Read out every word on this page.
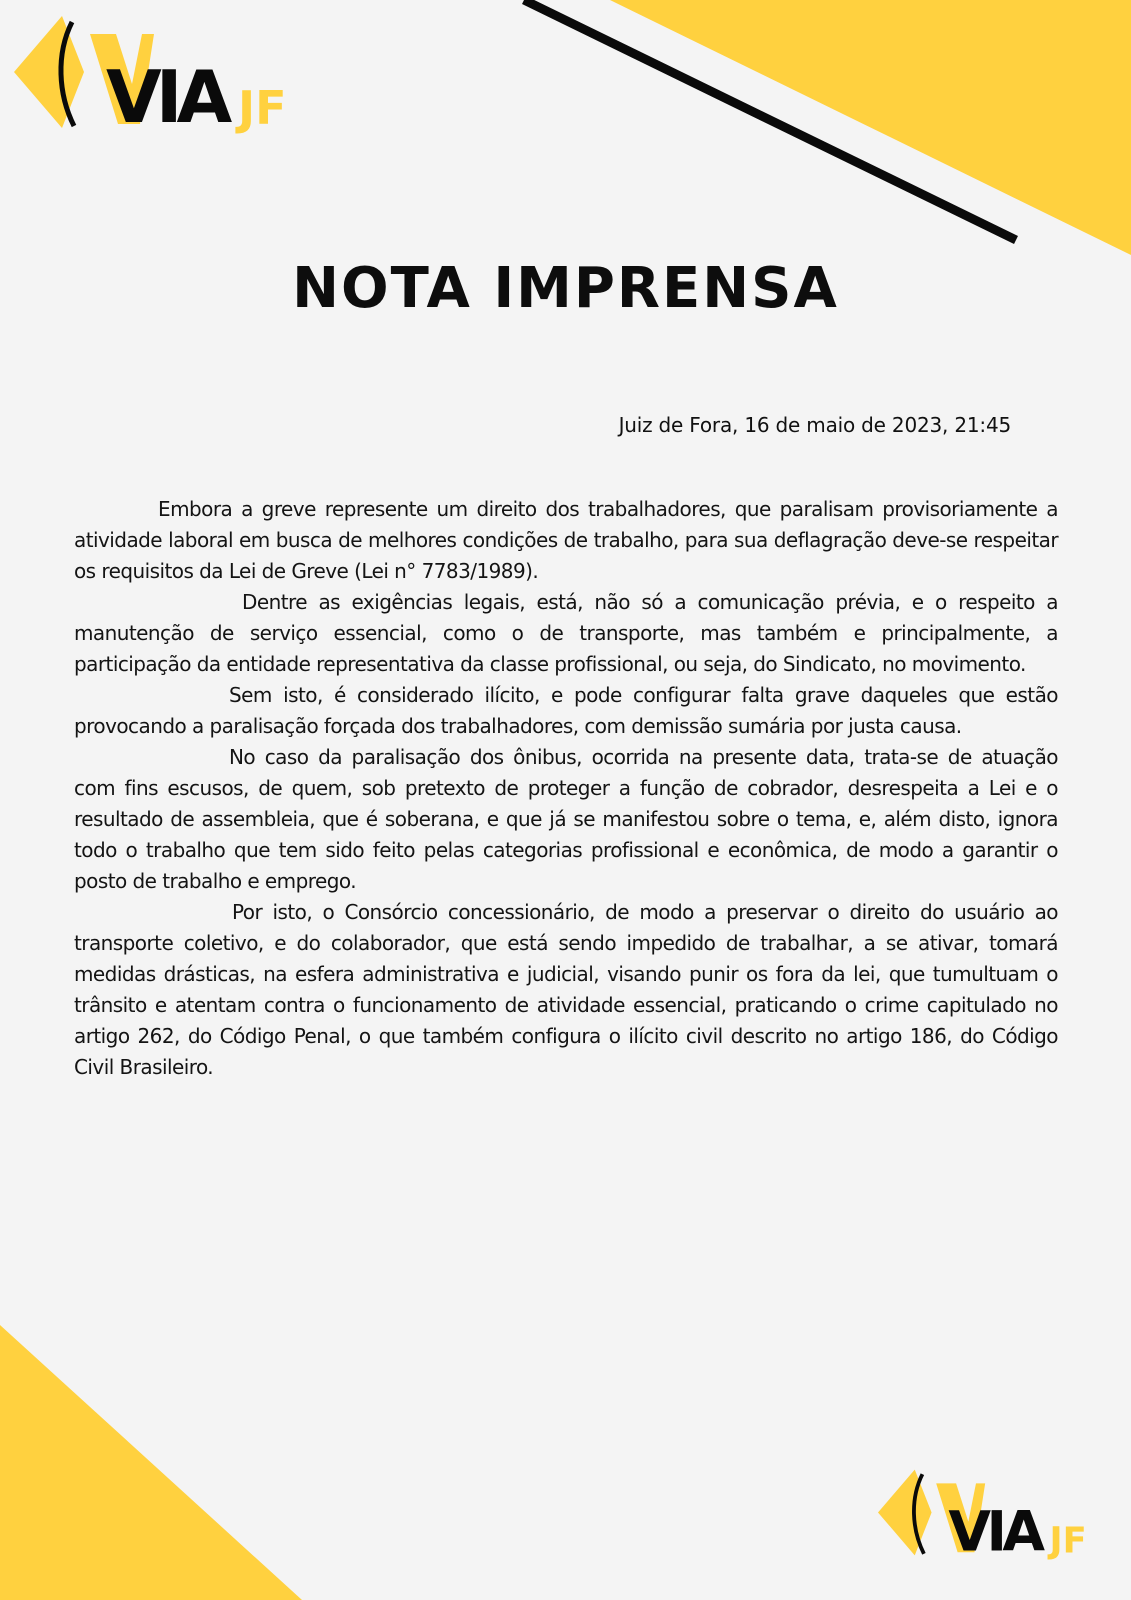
VIA JF
NOTA IMPRENSA

Juiz de Fora, 16 de maio de 2023, 21:45

Embora a greve represente um direito dos trabalhadores, que paralisam provisoriamente a atividade laboral em busca de melhores condições de trabalho, para sua deflagração deve-se respeitar os requisitos da Lei de Greve (Lei n° 7783/1989).

Dentre as exigências legais, está, não só a comunicação prévia, e o respeito a manutenção de serviço essencial, como o de transporte, mas também e principalmente, a participação da entidade representativa da classe profissional, ou seja, do Sindicato, no movimento.

Sem isto, é considerado ilícito, e pode configurar falta grave daqueles que estão provocando a paralisação forçada dos trabalhadores, com demissão sumária por justa causa.

No caso da paralisação dos ônibus, ocorrida na presente data, trata-se de atuação com fins escusos, de quem, sob pretexto de proteger a função de cobrador, desrespeita a Lei e o resultado de assembleia, que é soberana, e que já se manifestou sobre o tema, e, além disto, ignora todo o trabalho que tem sido feito pelas categorias profissional e econômica, de modo a garantir o posto de trabalho e emprego.

Por isto, o Consórcio concessionário, de modo a preservar o direito do usuário ao transporte coletivo, e do colaborador, que está sendo impedido de trabalhar, a se ativar, tomará medidas drásticas, na esfera administrativa e judicial, visando punir os fora da lei, que tumultuam o trânsito e atentam contra o funcionamento de atividade essencial, praticando o crime capitulado no artigo 262, do Código Penal, o que também configura o ilícito civil descrito no artigo 186, do Código Civil Brasileiro.

VIA JF
